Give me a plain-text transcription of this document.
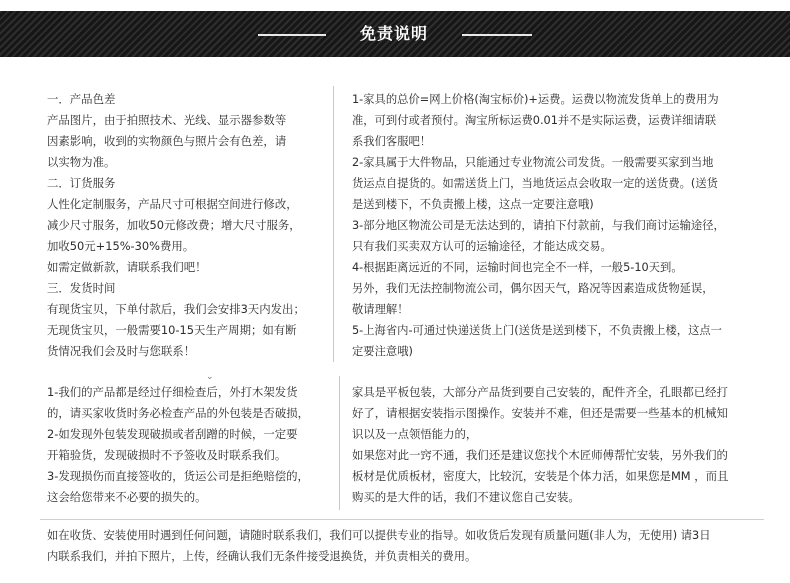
免责说明

一．产品色差

产品图片，由于拍照技术、光线、显示器参数等

因素影响，收到的实物颜色与照片会有色差，请

以实物为准。

二．订货服务

人性化定制服务，产品尺寸可根据空间进行修改，

减少尺寸服务，加收50元修改费；增大尺寸服务，

加收50元+15%-30%费用。

如需定做新款，请联系我们吧！

三．发货时间

有现货宝贝，下单付款后，我们会安排3天内发出；

无现货宝贝，一般需要10-15天生产周期；如有断

货情况我们会及时与您联系！

1-家具的总价=网上价格(淘宝标价)+运费。运费以物流发货单上的费用为

准，可到付或者预付。淘宝所标运费0.01并不是实际运费，运费详细请联

系我们客服吧！

2-家具属于大件物品，只能通过专业物流公司发货。一般需要买家到当地

货运点自提货的。如需送货上门，当地货运点会收取一定的送货费。(送货

是送到楼下，不负责搬上楼，这点一定要注意哦)

3-部分地区物流公司是无法达到的，请拍下付款前，与我们商讨运输途径，

只有我们买卖双方认可的运输途径，才能达成交易。

4-根据距离远近的不同，运输时间也完全不一样，一般5-10天到。

另外，我们无法控制物流公司，偶尔因天气，路况等因素造成货物延误，

敬请理解！

5-上海省内-可通过快递送货上门(送货是送到楼下，不负责搬上楼，这点一

定要注意哦)

⌄

1-我们的产品都是经过仔细检查后，外打木架发货

的，请买家收货时务必检查产品的外包装是否破损，

2-如发现外包装发现破损或者刮蹭的时候，一定要

开箱验货，发现破损时不予签收及时联系我们。

3-发现损伤而直接签收的，货运公司是拒绝赔偿的，

这会给您带来不必要的损失的。

家具是平板包装，大部分产品货到要自己安装的，配件齐全，孔眼都已经打

好了，请根据安装指示图操作。安装并不难，但还是需要一些基本的机械知

识以及一点领悟能力的，

如果您对此一窍不通，我们还是建议您找个木匠师傅帮忙安装，另外我们的

板材是优质板材，密度大，比较沉，安装是个体力活，如果您是MM ，而且

购买的是大件的话，我们不建议您自己安装。

如在收货、安装使用时遇到任何问题，请随时联系我们，我们可以提供专业的指导。如收货后发现有质量问题(非人为，无使用) 请3日

内联系我们，并拍下照片，上传，经确认我们无条件接受退换货，并负责相关的费用。
